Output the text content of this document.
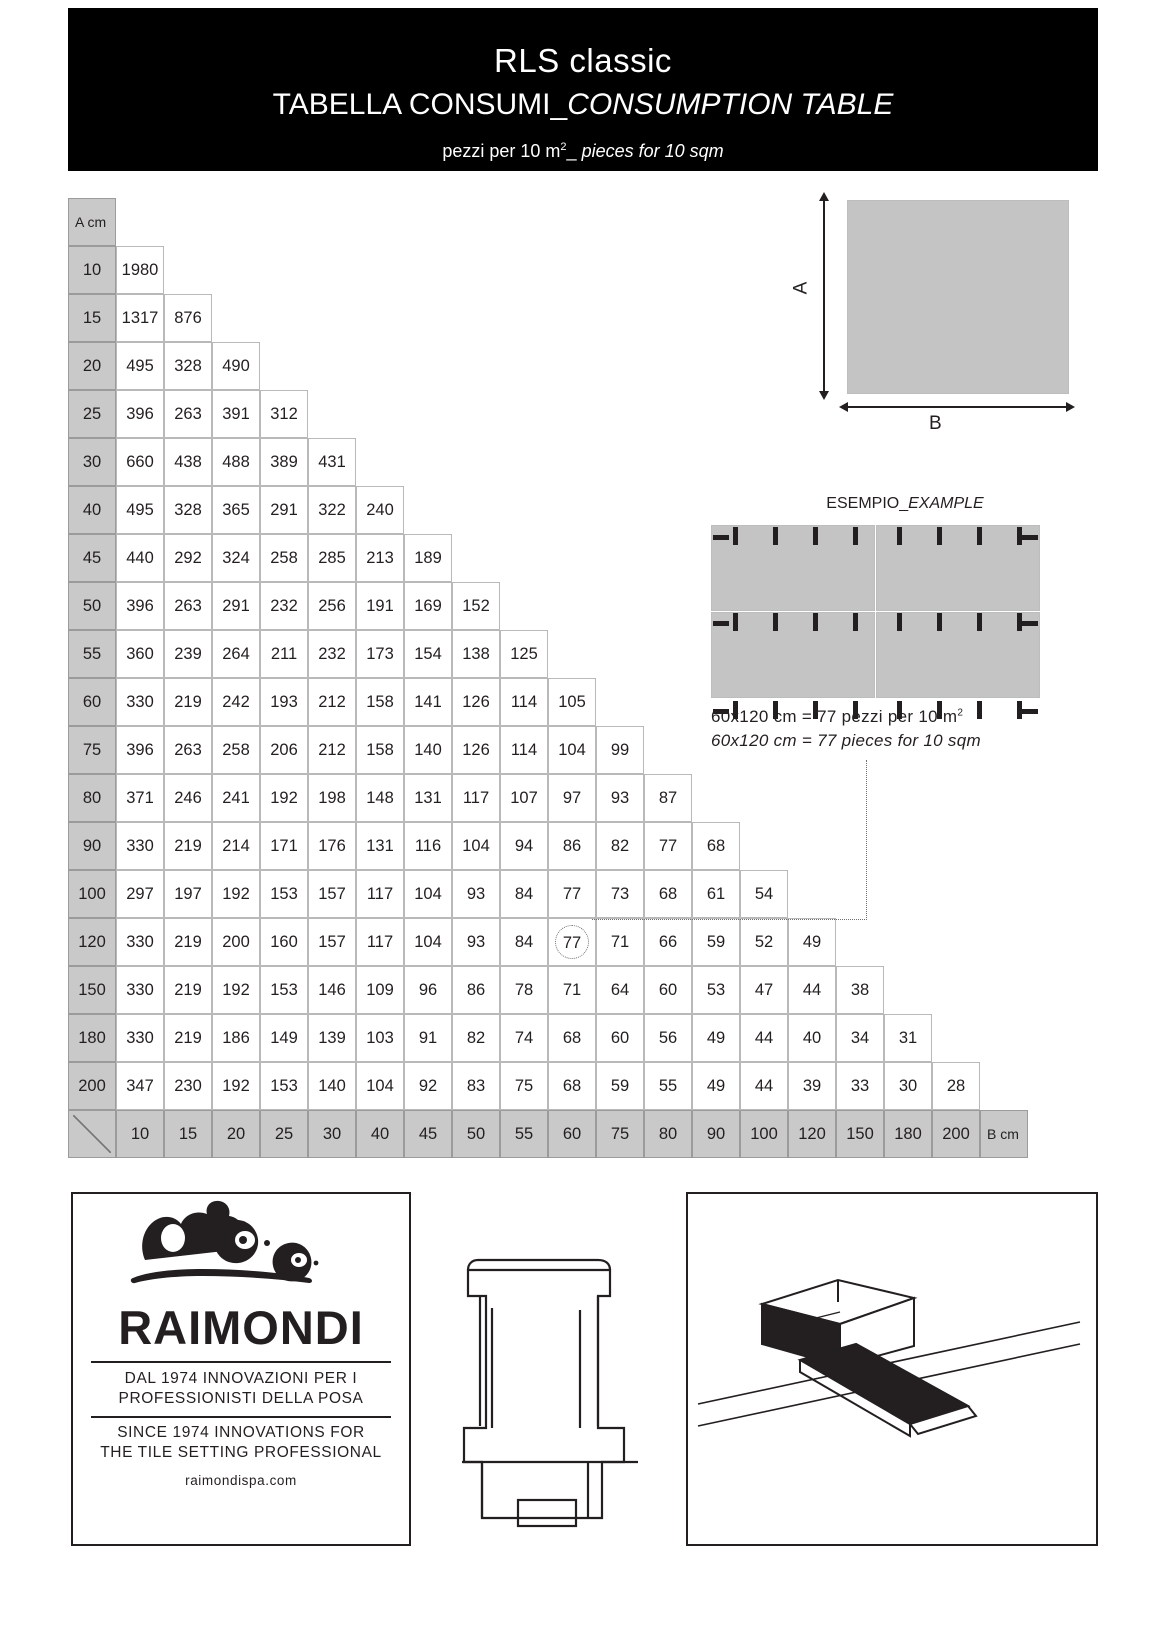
RLS classic
TABELLA CONSUMI_CONSUMPTION TABLE
pezzi per 10 $m^2\_$ pieces for 10 sqm
A cm																			
10	1980																		
15	1317	876																	
20	495	328	490																
25	396	263	391	312															
30	660	438	488	389	431														
40	495	328	365	291	322	240													
45	440	292	324	258	285	213	189												
50	396	263	291	232	256	191	169	152											
55	360	239	264	211	232	173	154	138	125										
60	330	219	242	193	212	158	141	126	114	105									
75	396	263	258	206	212	158	140	126	114	104	99								
80	371	246	241	192	198	148	131	117	107	97	93	87							
90	330	219	214	171	176	131	116	104	94	86	82	77	68						
100	297	197	192	153	157	117	104	93	84	77	73	68	61	54					
120	330	219	200	160	157	117	104	93	84	77	71	66	59	52	49				
150	330	219	192	153	146	109	96	86	78	71	64	60	53	47	44	38			
180	330	219	186	149	139	103	91	82	74	68	60	56	49	44	40	34	31		
200	347	230	192	153	140	104	92	83	75	68	59	55	49	44	39	33	30	28	
	10	15	20	25	30	40	45	50	55	60	75	80	90	100	120	150	180	200	B cm
A
B
ESEMPIO_EXAMPLE
60x120 cm = 77 pezzi per 10 $m^2$
60x120 cm = 77 pieces for 10 sqm
RAIMONDI
DAL 1974 INNOVAZIONI PER I
PROFESSIONISTI DELLA POSA
SINCE 1974 INNOVATIONS FOR
THE TILE SETTING PROFESSIONAL
raimondispa.com
